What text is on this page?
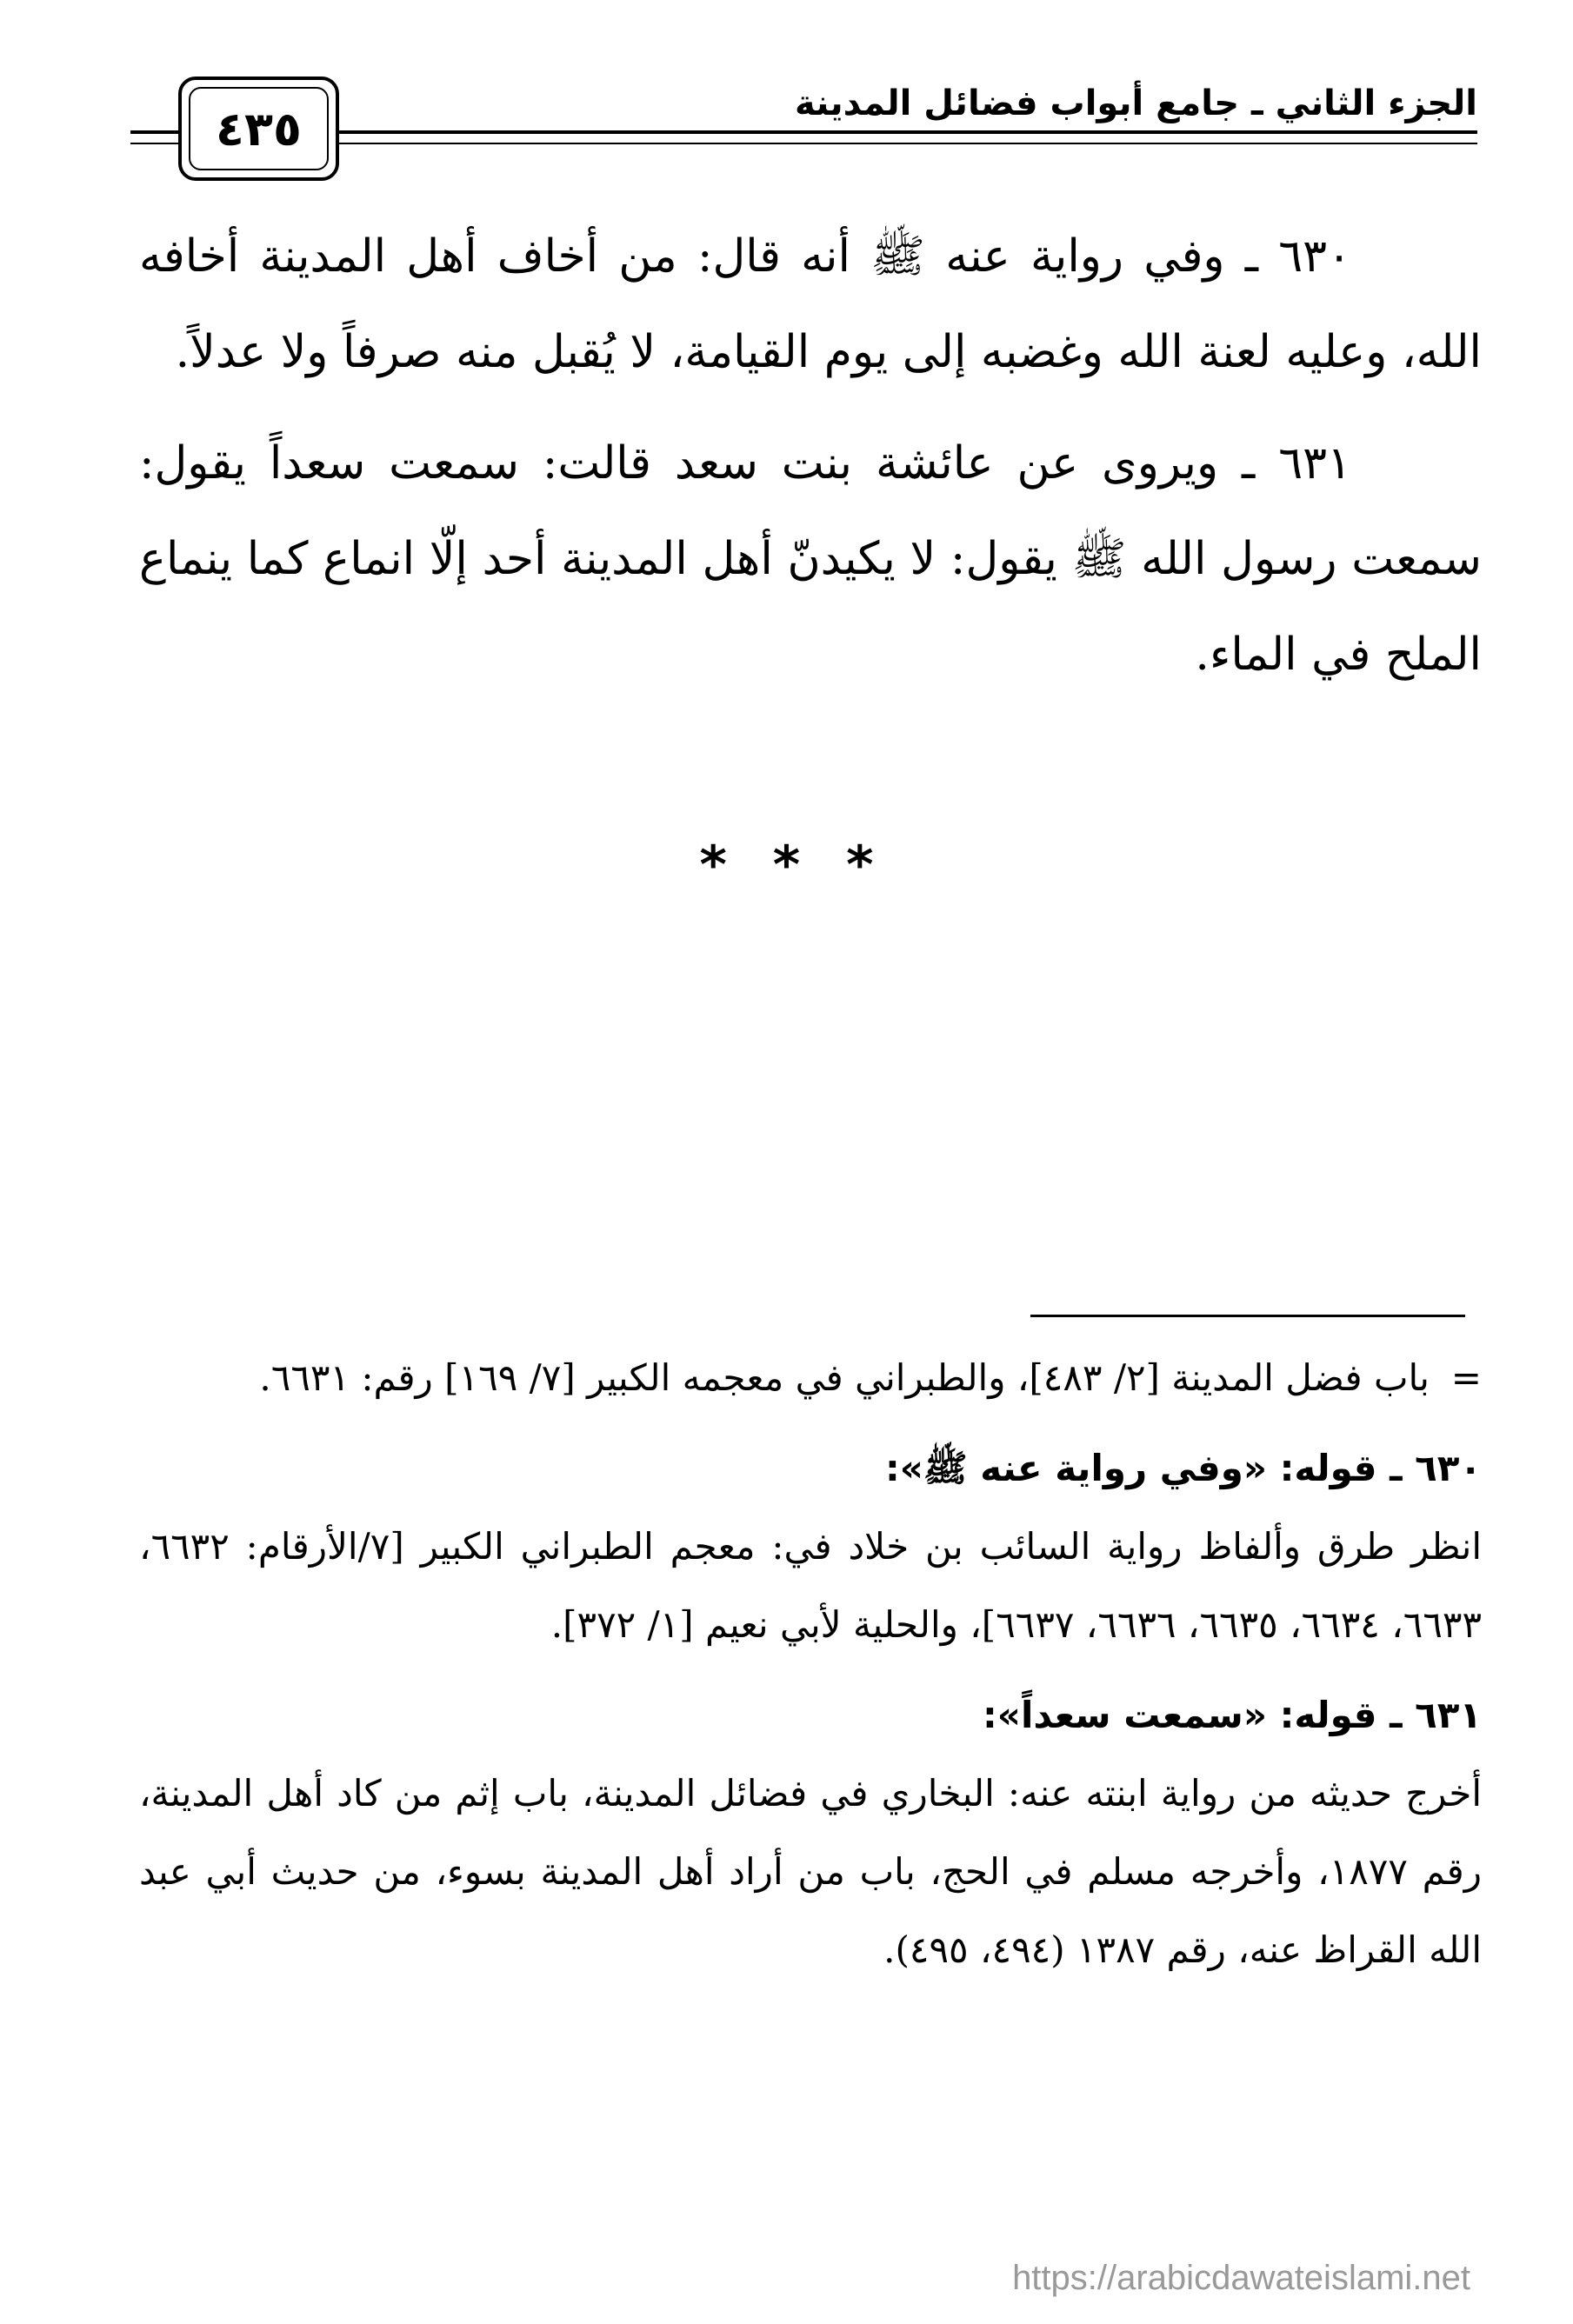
الجزء الثاني ـ جامع أبواب فضائل المدينة
٤٣٥

٦٣٠ ـ وفي رواية عنه ﷺ أنه قال: من أخاف أهل المدينة أخافه الله، وعليه لعنة الله وغضبه إلى يوم القيامة، لا يُقبل منه صرفاً ولا عدلاً.

٦٣١ ـ ويروى عن عائشة بنت سعد قالت: سمعت سعداً يقول: سمعت رسول الله ﷺ يقول: لا يكيدنّ أهل المدينة أحد إلّا انماع كما ينماع الملح في الماء.

* * *
=
باب فضل المدينة [٢/ ٤٨٣]، والطبراني في معجمه الكبير [٧/ ١٦٩] رقم: ٦٦٣١.
٦٣٠ ـ قوله: «وفي رواية عنه ﷺ»:
انظر طرق وألفاظ رواية السائب بن خلاد في: معجم الطبراني الكبير [٧/الأرقام: ٦٦٣٢، ٦٦٣٣، ٦٦٣٤، ٦٦٣٥، ٦٦٣٦، ٦٦٣٧]، والحلية لأبي نعيم [١/ ٣٧٢].
٦٣١ ـ قوله: «سمعت سعداً»:
أخرج حديثه من رواية ابنته عنه: البخاري في فضائل المدينة، باب إثم من كاد أهل المدينة، رقم ١٨٧٧، وأخرجه مسلم في الحج، باب من أراد أهل المدينة بسوء، من حديث أبي عبد الله القراظ عنه، رقم ١٣٨٧ (٤٩٤، ٤٩٥).
https://arabicdawateislami.net
